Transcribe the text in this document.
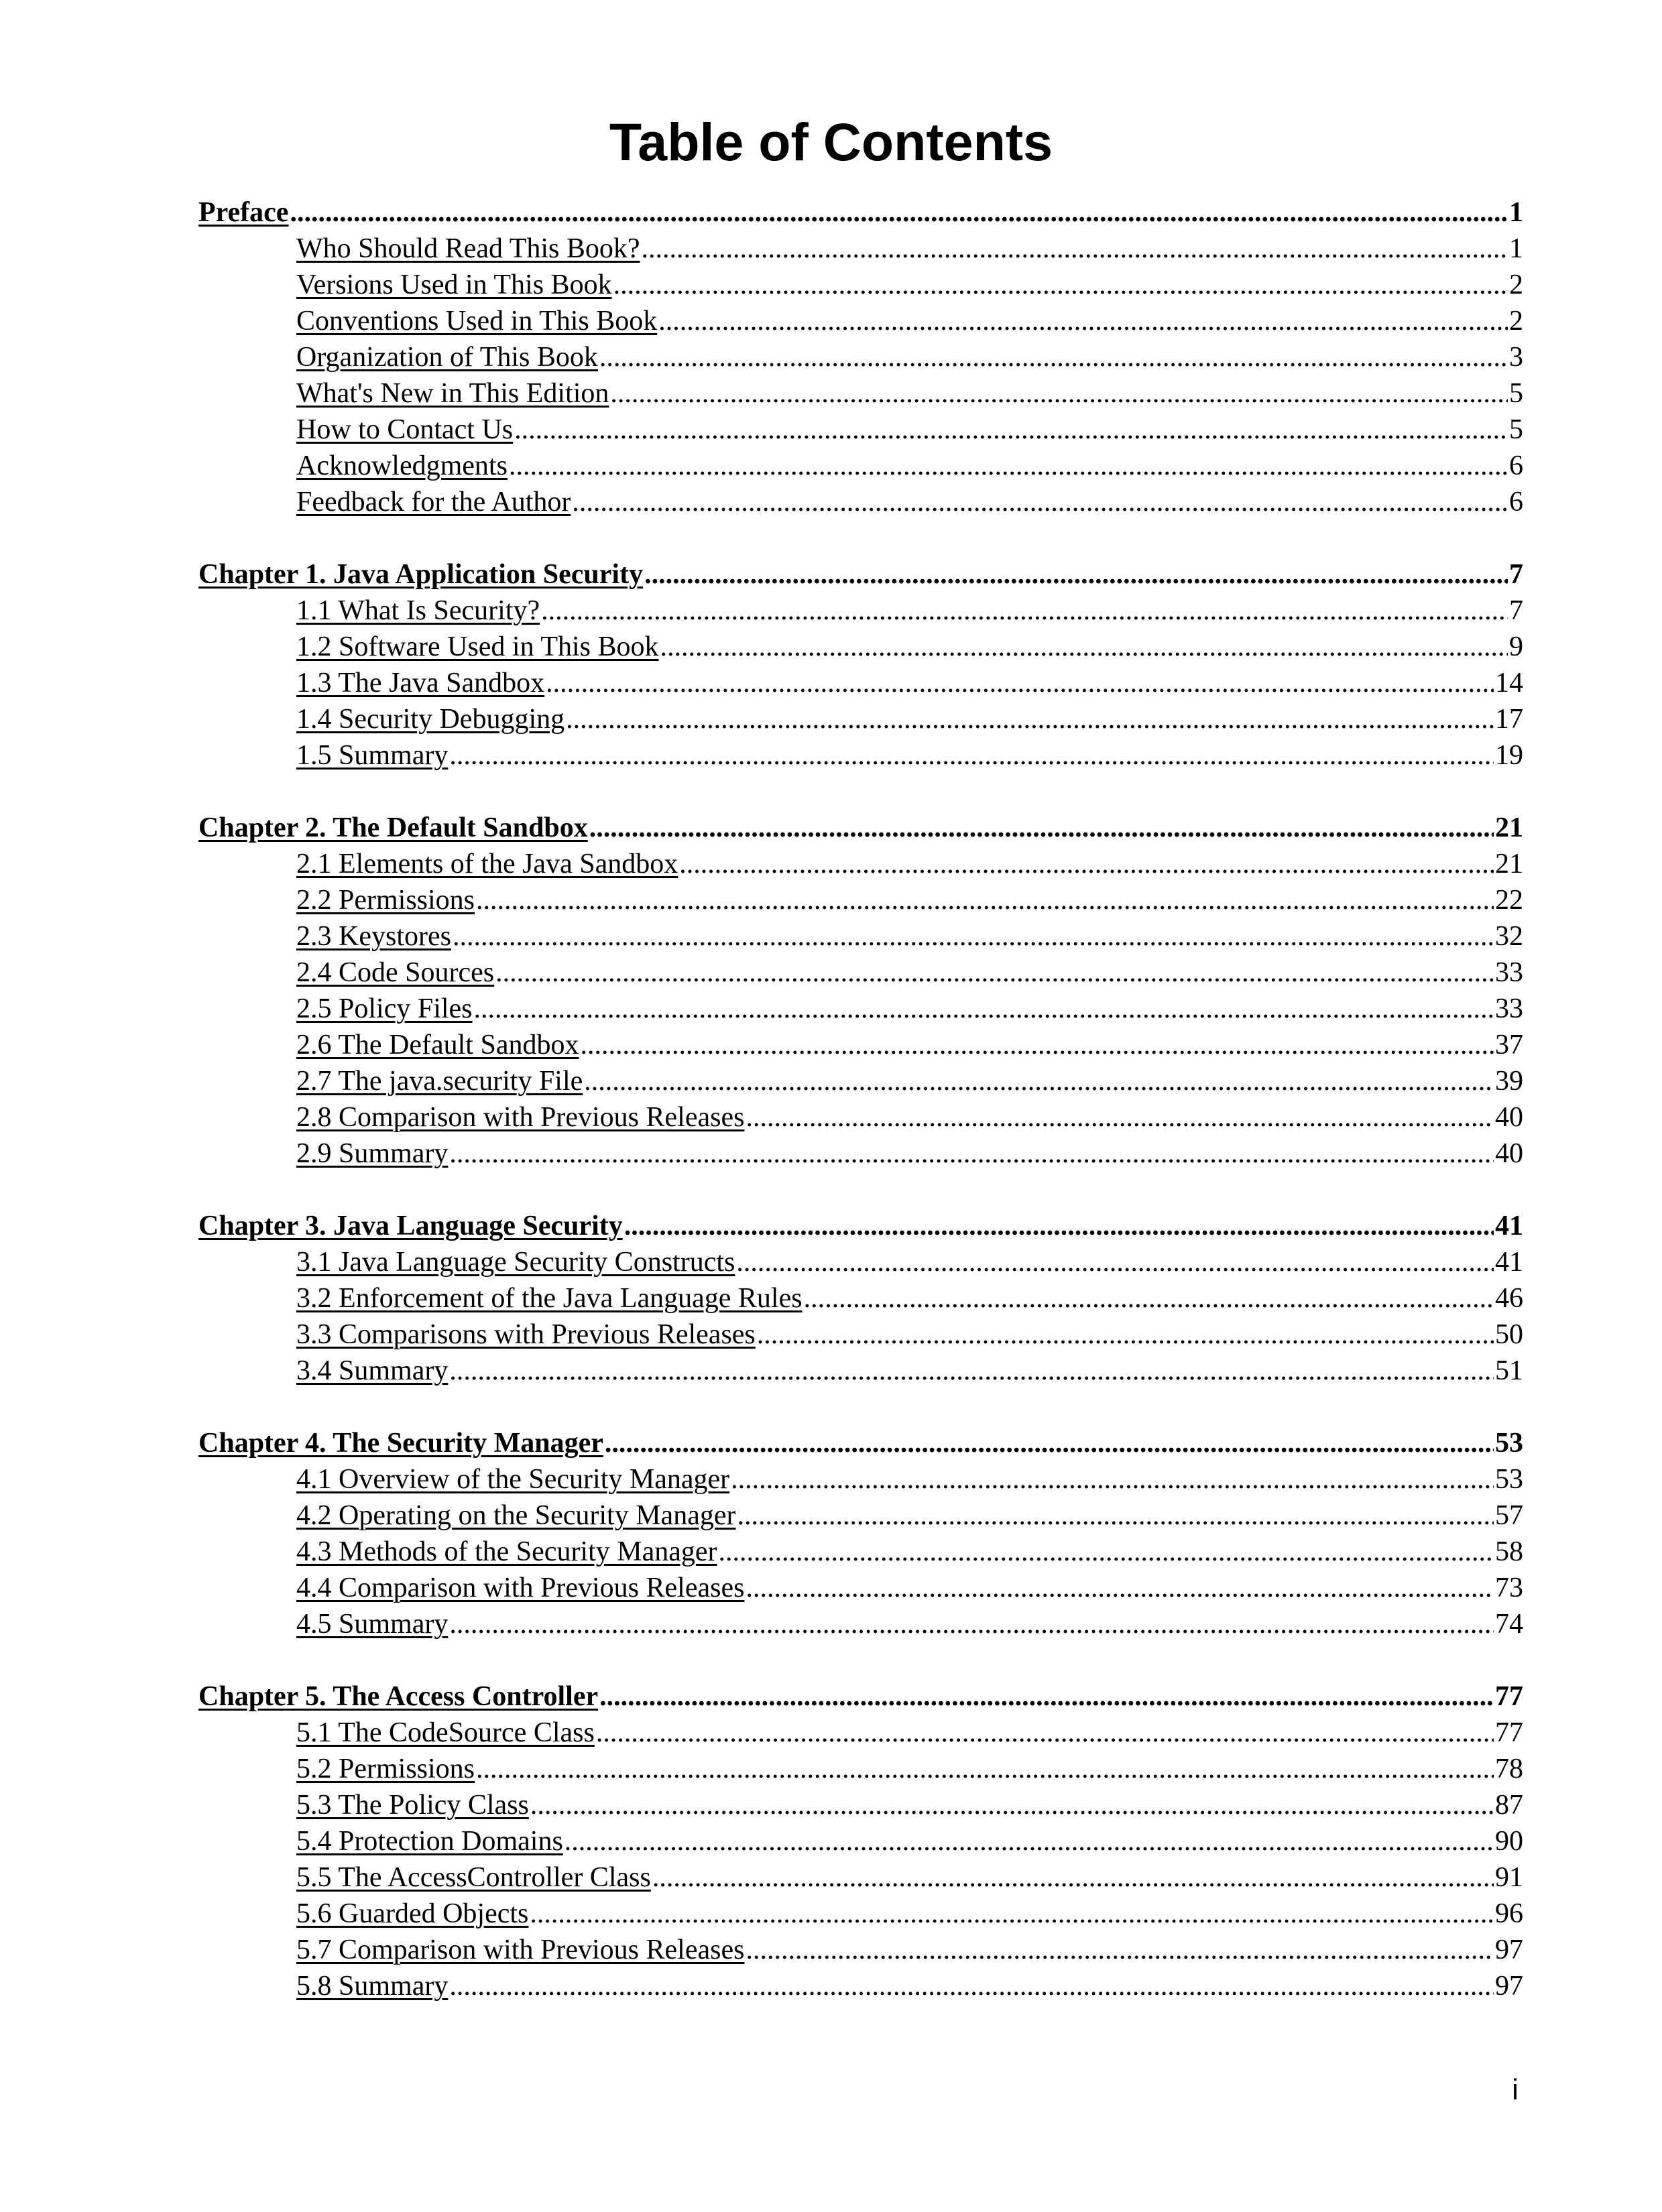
Table of Contents
Preface .....	1
Who Should Read This Book? .....	1
Versions Used in This Book .....	2
Conventions Used in This Book .....	2
Organization of This Book .....	3
What's New in This Edition .....	5
How to Contact Us .....	5
Acknowledgments .....	6
Feedback for the Author .....	6
Chapter 1. Java Application Security .....	7
1.1 What Is Security? .....	7
1.2 Software Used in This Book .....	9
1.3 The Java Sandbox .....	14
1.4 Security Debugging .....	17
1.5 Summary .....	19
Chapter 2. The Default Sandbox .....	21
2.1 Elements of the Java Sandbox .....	21
2.2 Permissions .....	22
2.3 Keystores .....	32
2.4 Code Sources .....	33
2.5 Policy Files .....	33
2.6 The Default Sandbox .....	37
2.7 The java.security File .....	39
2.8 Comparison with Previous Releases .....	40
2.9 Summary .....	40
Chapter 3. Java Language Security .....	41
3.1 Java Language Security Constructs .....	41
3.2 Enforcement of the Java Language Rules .....	46
3.3 Comparisons with Previous Releases .....	50
3.4 Summary .....	51
Chapter 4. The Security Manager .....	53
4.1 Overview of the Security Manager .....	53
4.2 Operating on the Security Manager .....	57
4.3 Methods of the Security Manager .....	58
4.4 Comparison with Previous Releases .....	73
4.5 Summary .....	74
Chapter 5. The Access Controller .....	77
5.1 The CodeSource Class .....	77
5.2 Permissions .....	78
5.3 The Policy Class .....	87
5.4 Protection Domains .....	90
5.5 The AccessController Class .....	91
5.6 Guarded Objects .....	96
5.7 Comparison with Previous Releases .....	97
5.8 Summary .....	97
i
